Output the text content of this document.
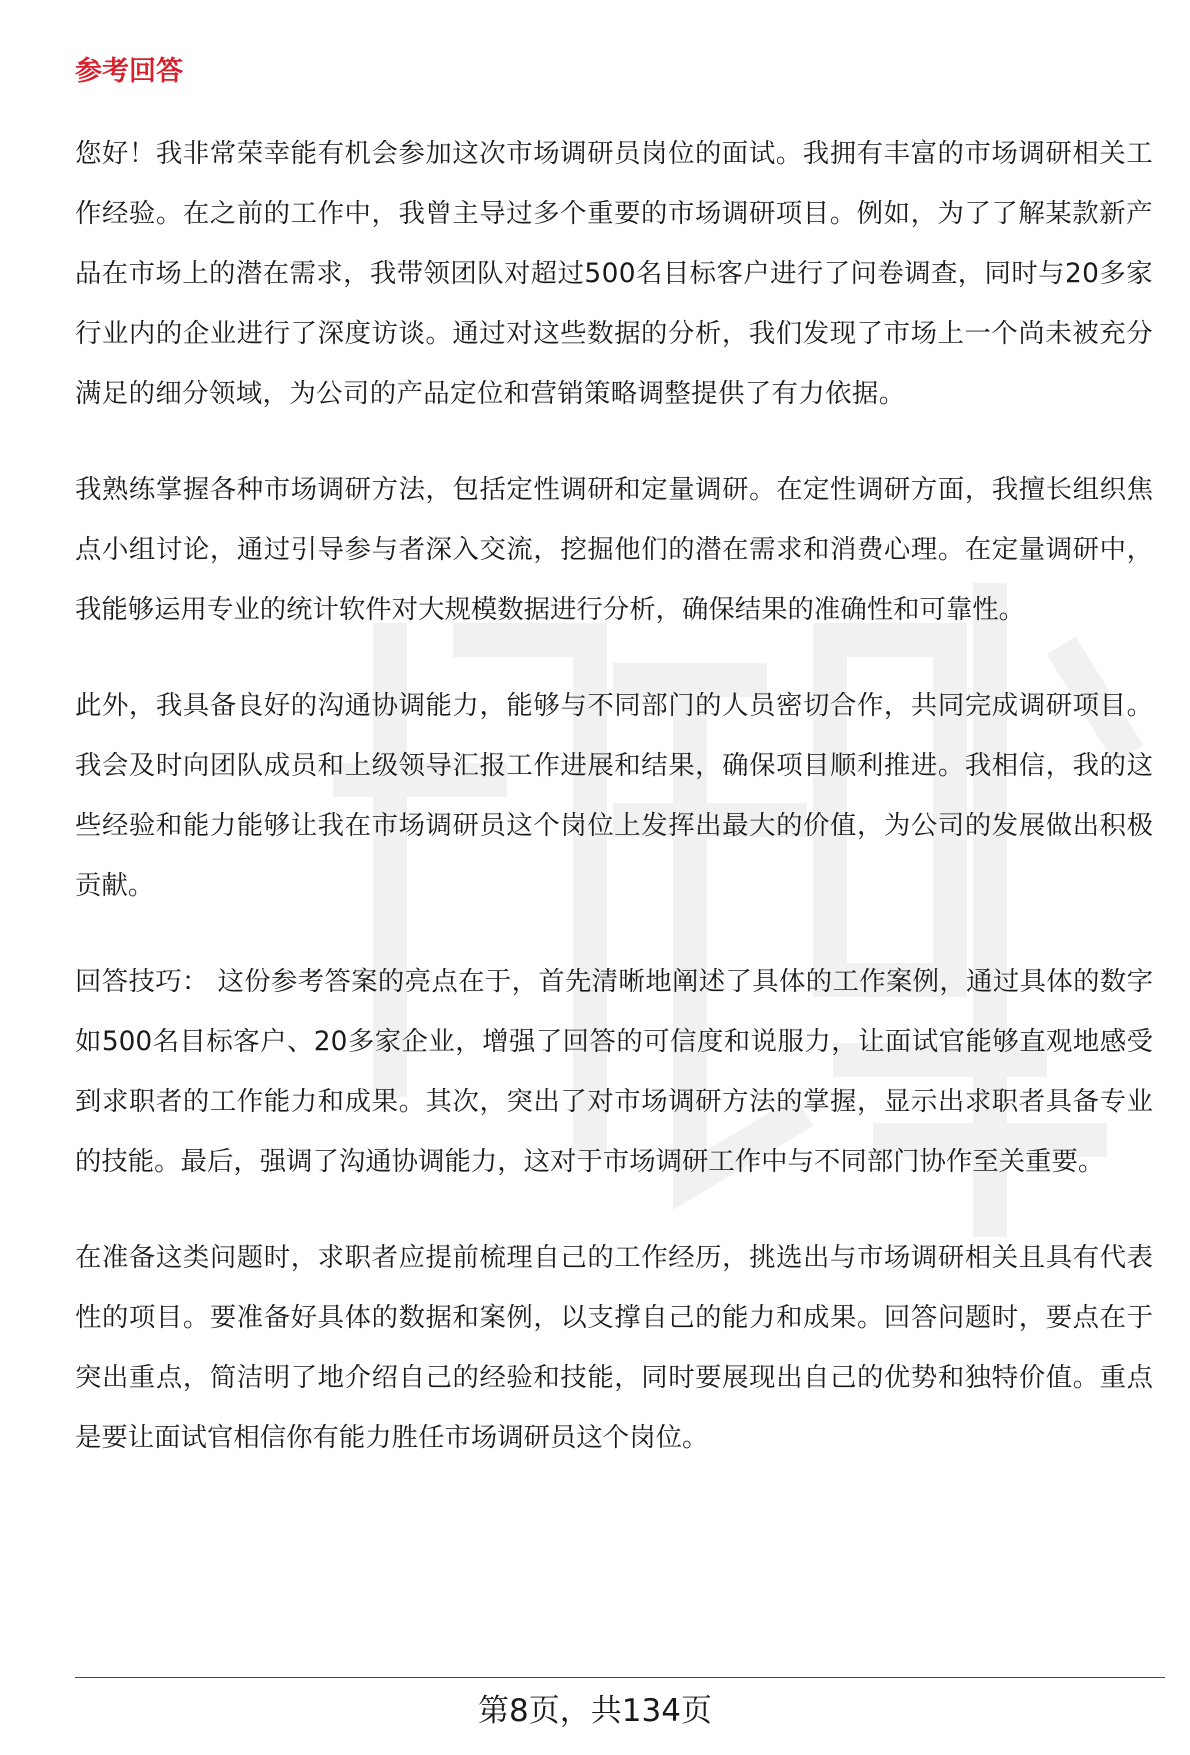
参考回答

您好！我非常荣幸能有机会参加这次市场调研员岗位的面试。我拥有丰富的市场调研相关工作经验。在之前的工作中，我曾主导过多个重要的市场调研项目。例如，为了了解某款新产品在市场上的潜在需求，我带领团队对超过500名目标客户进行了问卷调查，同时与20多家行业内的企业进行了深度访谈。通过对这些数据的分析，我们发现了市场上一个尚未被充分满足的细分领域，为公司的产品定位和营销策略调整提供了有力依据。

我熟练掌握各种市场调研方法，包括定性调研和定量调研。在定性调研方面，我擅长组织焦点小组讨论，通过引导参与者深入交流，挖掘他们的潜在需求和消费心理。在定量调研中，我能够运用专业的统计软件对大规模数据进行分析，确保结果的准确性和可靠性。

此外，我具备良好的沟通协调能力，能够与不同部门的人员密切合作，共同完成调研项目。我会及时向团队成员和上级领导汇报工作进展和结果，确保项目顺利推进。我相信，我的这些经验和能力能够让我在市场调研员这个岗位上发挥出最大的价值，为公司的发展做出积极贡献。

回答技巧： 这份参考答案的亮点在于，首先清晰地阐述了具体的工作案例，通过具体的数字如500名目标客户、20多家企业，增强了回答的可信度和说服力，让面试官能够直观地感受到求职者的工作能力和成果。其次，突出了对市场调研方法的掌握，显示出求职者具备专业的技能。最后，强调了沟通协调能力，这对于市场调研工作中与不同部门协作至关重要。

在准备这类问题时，求职者应提前梳理自己的工作经历，挑选出与市场调研相关且具有代表性的项目。要准备好具体的数据和案例，以支撑自己的能力和成果。回答问题时，要点在于突出重点，简洁明了地介绍自己的经验和技能，同时要展现出自己的优势和独特价值。重点是要让面试官相信你有能力胜任市场调研员这个岗位。

第8页，共134页
